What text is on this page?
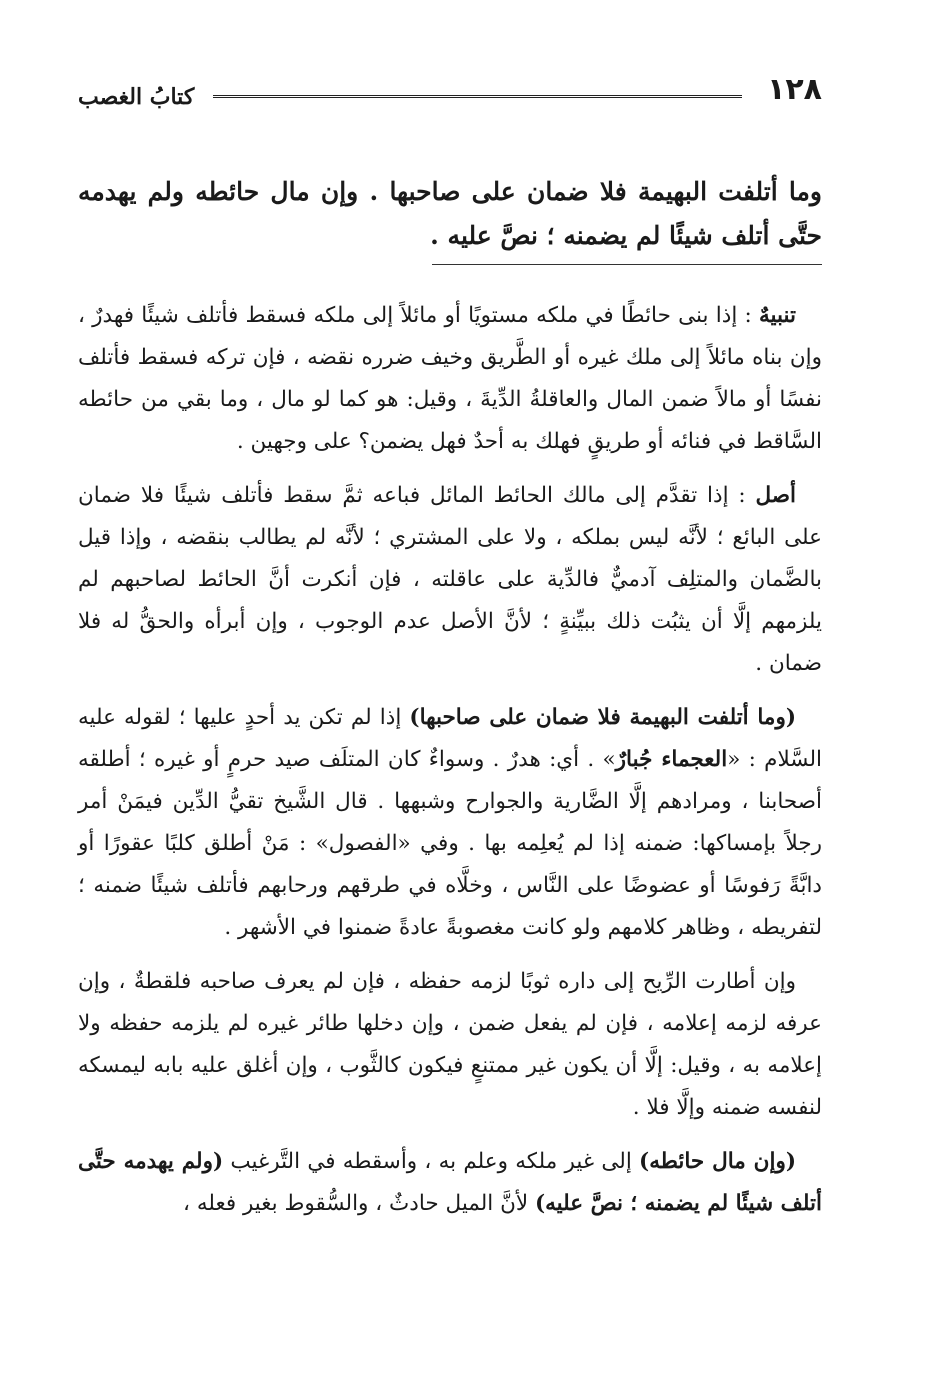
١٢٨
كتابُ الغصب
وما أتلفت البهيمة فلا ضمان على صاحبها . وإن مال حائطه ولم يهدمه حتَّى أتلف شيئًا لم يضمنه ؛ نصَّ عليه .

تنبيهٌ : إذا بنى حائطًا في ملكه مستويًا أو مائلاً إلى ملكه فسقط فأتلف شيئًا فهدرٌ ، وإن بناه مائلاً إلى ملك غيره أو الطَّريق وخيف ضرره نقضه ، فإن تركه فسقط فأتلف نفسًا أو مالاً ضمن المال والعاقلةُ الدِّيةَ ، وقيل: هو كما لو مال ، وما بقي من حائطه السَّاقط في فنائه أو طريقٍ فهلك به أحدٌ فهل يضمن؟ على وجهين .

أصل : إذا تقدَّم إلى مالك الحائط المائل فباعه ثمَّ سقط فأتلف شيئًا فلا ضمان على البائع ؛ لأنَّه ليس بملكه ، ولا على المشتري ؛ لأنَّه لم يطالب بنقضه ، وإذا قيل بالضَّمان والمتلِف آدميٌّ فالدِّية على عاقلته ، فإن أنكرت أنَّ الحائط لصاحبهم لم يلزمهم إلَّا أن يثبُت ذلك ببيِّنةٍ ؛ لأنَّ الأصل عدم الوجوب ، وإن أبرأه والحقُّ له فلا ضمان .

(وما أتلفت البهيمة فلا ضمان على صاحبها) إذا لم تكن يد أحدٍ عليها ؛ لقوله عليه السَّلام : «العجماء جُبارٌ» . أي: هدرٌ . وسواءٌ كان المتلَف صيد حرمٍ أو غيره ؛ أطلقه أصحابنا ، ومرادهم إلَّا الضَّارية والجوارح وشبهها . قال الشَّيخ تقيُّ الدِّين فيمَنْ أمر رجلاً بإمساكها: ضمنه إذا لم يُعلِمه بها . وفي «الفصول» : مَنْ أطلق كلبًا عقورًا أو دابَّةً رَفوسًا أو عضوضًا على النَّاس ، وخلَّاه في طرقهم ورحابهم فأتلف شيئًا ضمنه ؛ لتفريطه ، وظاهر كلامهم ولو كانت مغصوبةً عادةً ضمنوا في الأشهر .

وإن أطارت الرِّيح إلى داره ثوبًا لزمه حفظه ، فإن لم يعرف صاحبه فلقطةٌ ، وإن عرفه لزمه إعلامه ، فإن لم يفعل ضمن ، وإن دخلها طائر غيره لم يلزمه حفظه ولا إعلامه به ، وقيل: إلَّا أن يكون غير ممتنعٍ فيكون كالثَّوب ، وإن أغلق عليه بابه ليمسكه لنفسه ضمنه وإلَّا فلا .

(وإن مال حائطه) إلى غير ملكه وعلم به ، وأسقطه في التَّرغيب (ولم يهدمه حتَّى أتلف شيئًا لم يضمنه ؛ نصَّ عليه) لأنَّ الميل حادثٌ ، والسُّقوط بغير فعله ،
